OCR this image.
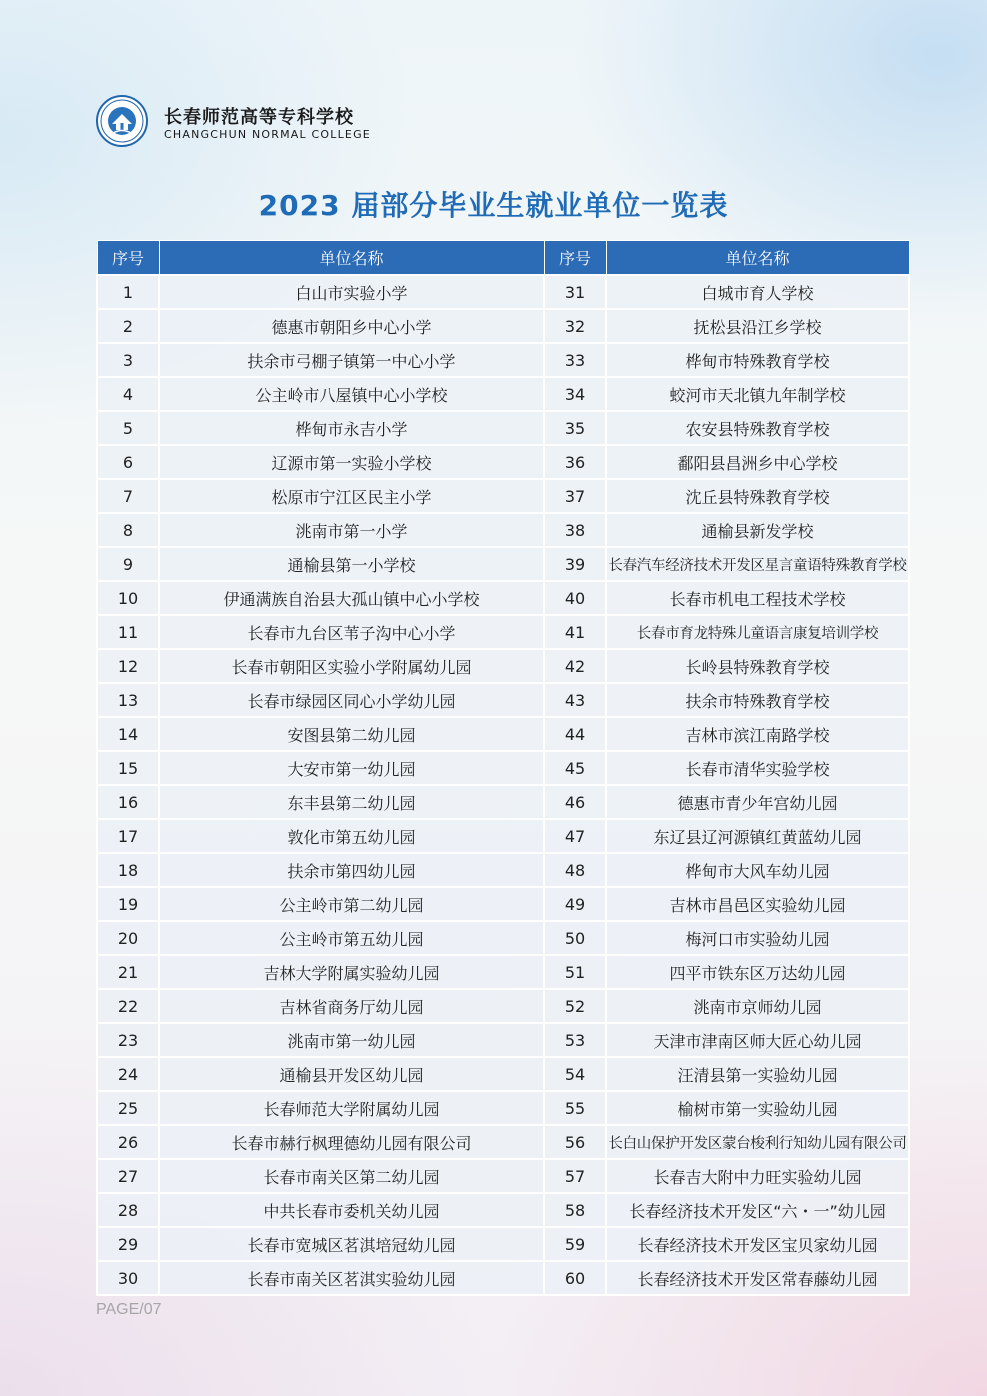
长春师范高等专科学校
CHANGCHUN NORMAL COLLEGE
2023 届部分毕业生就业单位一览表
序号	单位名称	序号	单位名称
1	白山市实验小学	31	白城市育人学校
2	德惠市朝阳乡中心小学	32	抚松县沿江乡学校
3	扶余市弓棚子镇第一中心小学	33	桦甸市特殊教育学校
4	公主岭市八屋镇中心小学校	34	蛟河市天北镇九年制学校
5	桦甸市永吉小学	35	农安县特殊教育学校
6	辽源市第一实验小学校	36	鄱阳县昌洲乡中心学校
7	松原市宁江区民主小学	37	沈丘县特殊教育学校
8	洮南市第一小学	38	通榆县新发学校
9	通榆县第一小学校	39	长春汽车经济技术开发区星言童语特殊教育学校
10	伊通满族自治县大孤山镇中心小学校	40	长春市机电工程技术学校
11	长春市九台区苇子沟中心小学	41	长春市育龙特殊儿童语言康复培训学校
12	长春市朝阳区实验小学附属幼儿园	42	长岭县特殊教育学校
13	长春市绿园区同心小学幼儿园	43	扶余市特殊教育学校
14	安图县第二幼儿园	44	吉林市滨江南路学校
15	大安市第一幼儿园	45	长春市清华实验学校
16	东丰县第二幼儿园	46	德惠市青少年宫幼儿园
17	敦化市第五幼儿园	47	东辽县辽河源镇红黄蓝幼儿园
18	扶余市第四幼儿园	48	桦甸市大风车幼儿园
19	公主岭市第二幼儿园	49	吉林市昌邑区实验幼儿园
20	公主岭市第五幼儿园	50	梅河口市实验幼儿园
21	吉林大学附属实验幼儿园	51	四平市铁东区万达幼儿园
22	吉林省商务厅幼儿园	52	洮南市京师幼儿园
23	洮南市第一幼儿园	53	天津市津南区师大匠心幼儿园
24	通榆县开发区幼儿园	54	汪清县第一实验幼儿园
25	长春师范大学附属幼儿园	55	榆树市第一实验幼儿园
26	长春市赫行枫理德幼儿园有限公司	56	长白山保护开发区蒙台梭利行知幼儿园有限公司
27	长春市南关区第二幼儿园	57	长春吉大附中力旺实验幼儿园
28	中共长春市委机关幼儿园	58	长春经济技术开发区“六・一”幼儿园
29	长春市宽城区茗淇培冠幼儿园	59	长春经济技术开发区宝贝家幼儿园
30	长春市南关区茗淇实验幼儿园	60	长春经济技术开发区常春藤幼儿园
PAGE/07
